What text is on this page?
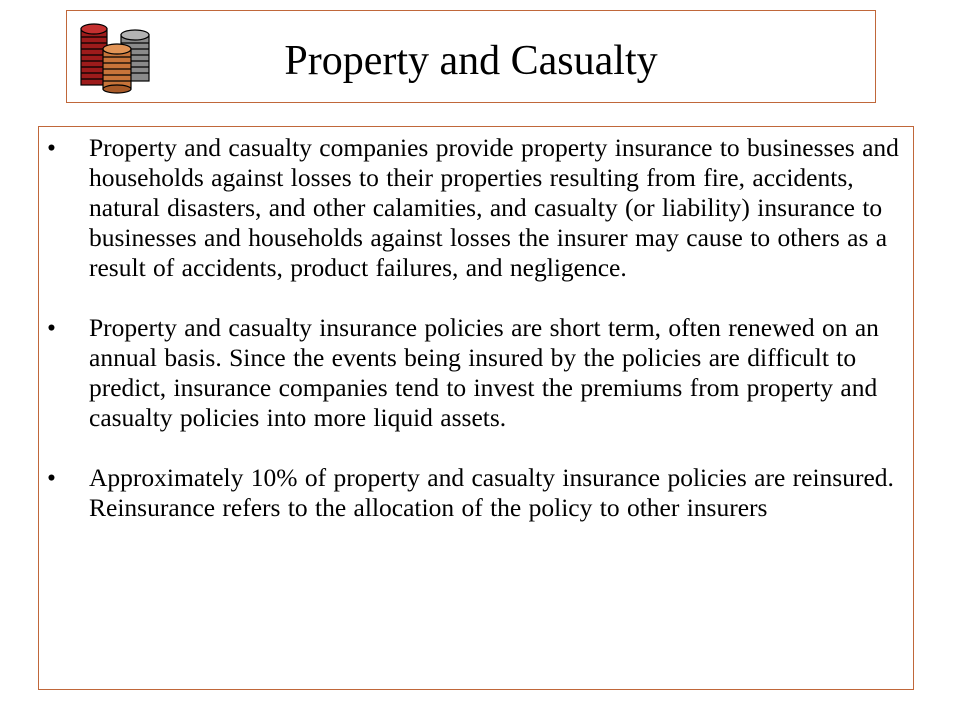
Property and Casualty
•	Property and casualty companies provide property insurance to businesses and households against losses to their properties resulting from fire, accidents, natural disasters, and other calamities, and casualty (or liability) insurance to businesses and households against losses the insurer may cause to others as a result of accidents, product failures, and negligence.
•	Property and casualty insurance policies are short term, often renewed on an annual basis. Since the events being insured by the policies are difficult to predict, insurance companies tend to invest the premiums from property and casualty policies into more liquid assets.
•	Approximately 10% of property and casualty insurance policies are reinsured. Reinsurance refers to the allocation of the policy to other insurers
